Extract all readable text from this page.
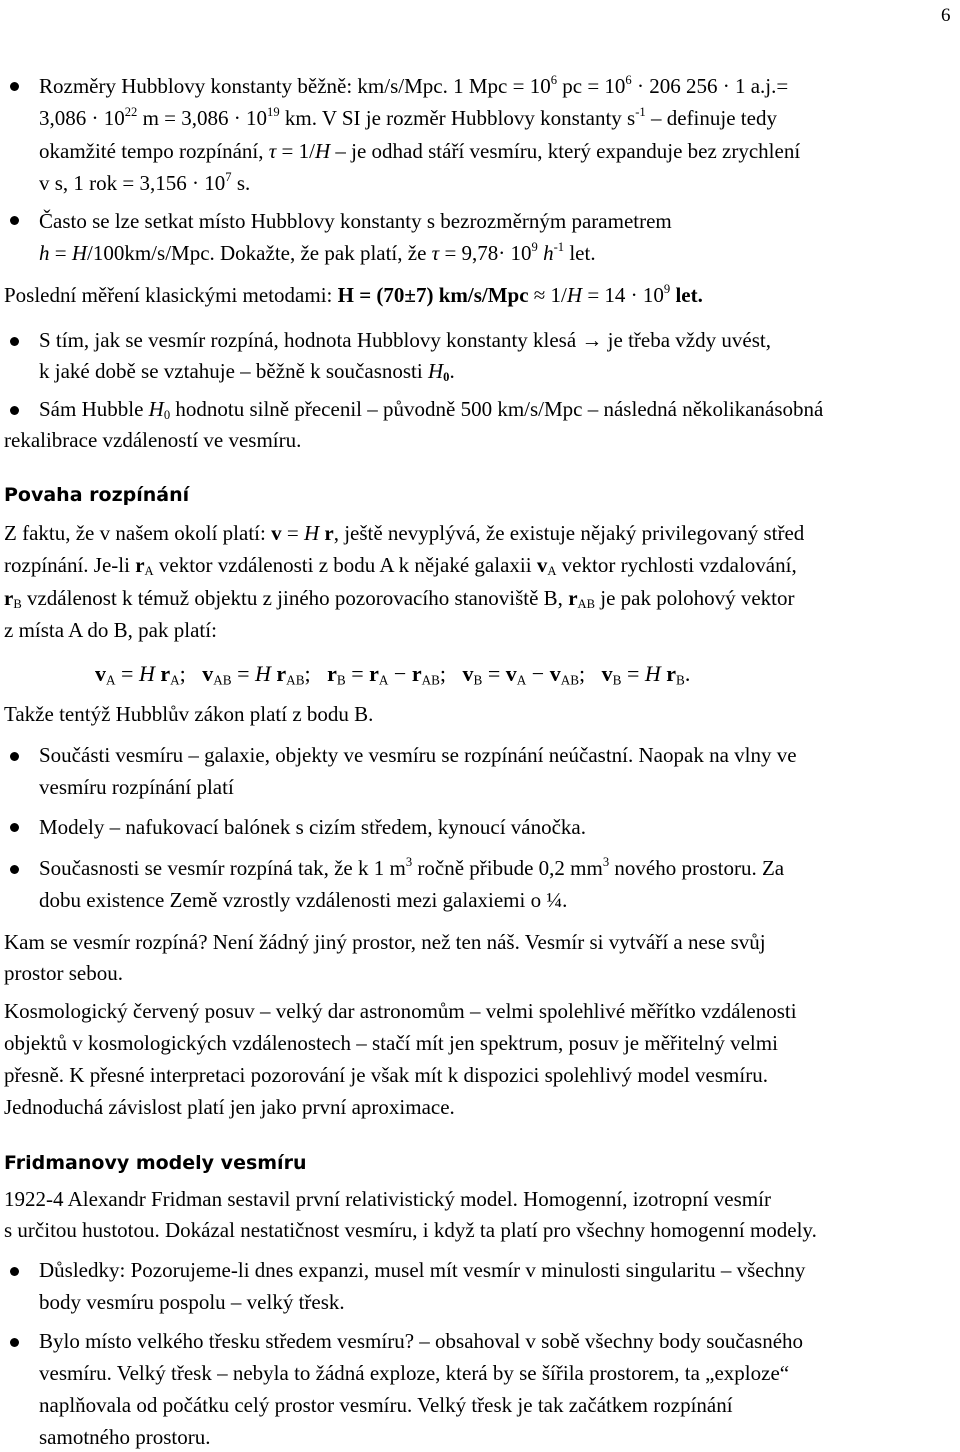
6
Rozměry Hubblovy konstanty běžně: km/s/Mpc. 1 Mpc = $10^6$ pc = $10^6 \cdot 206$ 256 · 1 a.j.=
$3,086 \cdot 10^{22}$ $m = 3,086 \cdot 10^{19}$ km. V SI je rozměr Hubblovy konstanty $s^{-1}$ – definuje tedy
okamžité tempo rozpínání, τ = 1/H – je odhad stáří vesmíru, který expanduje bez zrychlení
v s, 1 rok = $3,156 \cdot 10^7$ s.
Často se lze setkat místo Hubblovy konstanty s bezrozměrným parametrem
h = H/100km/s/Mpc. Dokažte, že pak platí, že $\tau = 9,78\cdot 10^9$ $h^{-1}$ let.
Poslední měření klasickými metodami: H = (70±7) $km/s/Mpc \approx 1/H = 14 \cdot 10^9$ let.
S tím, jak se vesmír rozpíná, hodnota Hubblovy konstanty klesá → je třeba vždy uvést,
k jaké době se vztahuje – běžně k současnosti $H_0$.
Sám Hubble $H_0$ hodnotu silně přecenil – původně 500 km/s/Mpc – následná několikanásobná
rekalibrace vzdáleností ve vesmíru.
Povaha rozpínání
Z faktu, že v našem okolí platí: v = H r, ještě nevyplývá, že existuje nějaký privilegovaný střed
rozpínání. Je-li $r_A$ vektor vzdálenosti z bodu A k nějaké galaxii $v_A$ vektor rychlosti vzdalování,
$r_B$ vzdálenost k témuž objektu z jiného pozorovacího stanoviště B, $r_{AB}$ je pak polohový vektor
z místa A do B, pak platí:
$v_A = H$ $r_A$;   $v_{AB} = H$ $r_{AB}$;   $r_B = r_A - r_{AB}$;   $v_B = v_A - v_{AB}$;   $v_B = H$ $r_B$.
Takže tentýž Hubblův zákon platí z bodu B.
Součásti vesmíru – galaxie, objekty ve vesmíru se rozpínání neúčastní. Naopak na vlny ve
vesmíru rozpínání platí
Modely – nafukovací balónek s cizím středem, kynoucí vánočka.
Současnosti se vesmír rozpíná tak, že k 1 $m^3$ ročně přibude 0,2 $mm^3$ nového prostoru. Za
dobu existence Země vzrostly vzdálenosti mezi galaxiemi o ¼.
Kam se vesmír rozpíná? Není žádný jiný prostor, než ten náš. Vesmír si vytváří a nese svůj
prostor sebou.
Kosmologický červený posuv – velký dar astronomům – velmi spolehlivé měřítko vzdálenosti
objektů v kosmologických vzdálenostech – stačí mít jen spektrum, posuv je měřitelný velmi
přesně. K přesné interpretaci pozorování je však mít k dispozici spolehlivý model vesmíru.
Jednoduchá závislost platí jen jako první aproximace.
Fridmanovy modely vesmíru
1922-4 Alexandr Fridman sestavil první relativistický model. Homogenní, izotropní vesmír
s určitou hustotou. Dokázal nestatičnost vesmíru, i když ta platí pro všechny homogenní modely.
Důsledky: Pozorujeme-li dnes expanzi, musel mít vesmír v minulosti singularitu – všechny
body vesmíru pospolu – velký třesk.
Bylo místo velkého třesku středem vesmíru? – obsahoval v sobě všechny body současného
vesmíru. Velký třesk – nebyla to žádná exploze, která by se šířila prostorem, ta „exploze“
naplňovala od počátku celý prostor vesmíru. Velký třesk je tak začátkem rozpínání
samotného prostoru.
